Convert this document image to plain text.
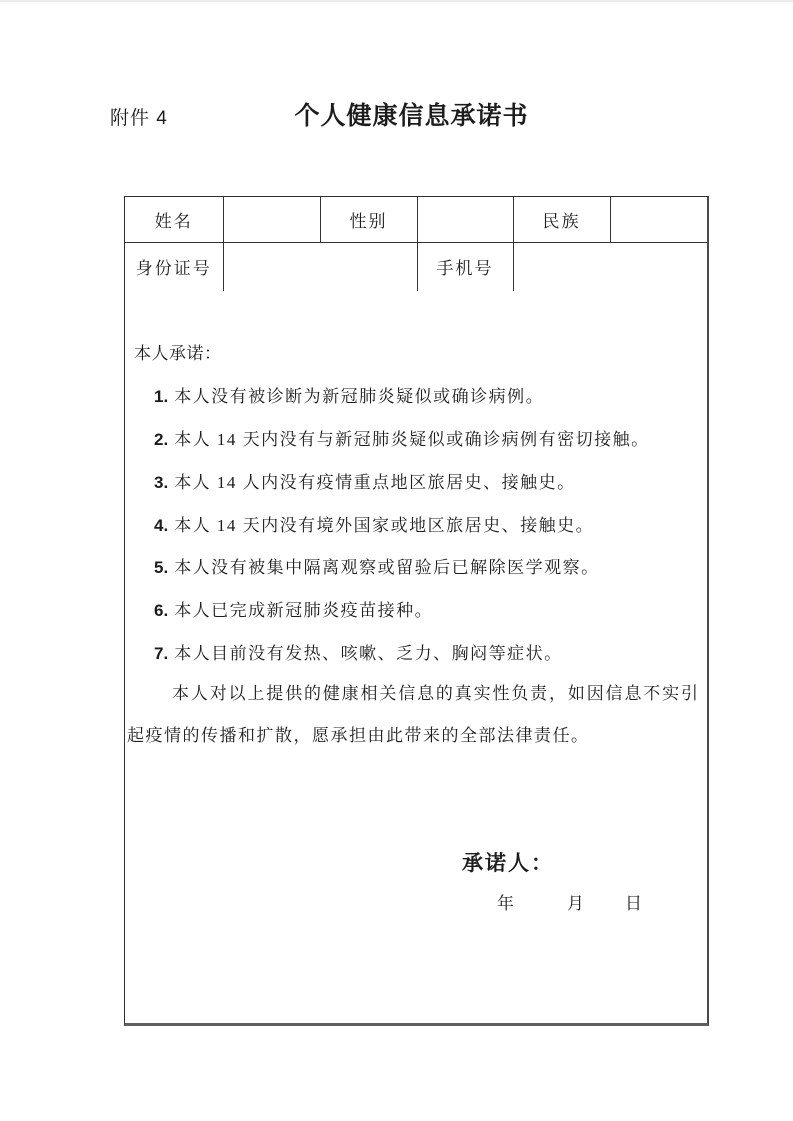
附件 4	个人健康信息承诺书
姓名		性别		民族	
身份证号			手机号		
本人承诺：
1. 本人没有被诊断为新冠肺炎疑似或确诊病例。
2. 本人 14 天内没有与新冠肺炎疑似或确诊病例有密切接触。
3. 本人 14 人内没有疫情重点地区旅居史、接触史。
4. 本人 14 天内没有境外国家或地区旅居史、接触史。
5. 本人没有被集中隔离观察或留验后已解除医学观察。
6. 本人已完成新冠肺炎疫苗接种。
7. 本人目前没有发热、咳嗽、乏力、胸闷等症状。
本人对以上提供的健康相关信息的真实性负责，如因信息不实引
起疫情的传播和扩散，愿承担由此带来的全部法律责任。
承诺人：
年	月 日
